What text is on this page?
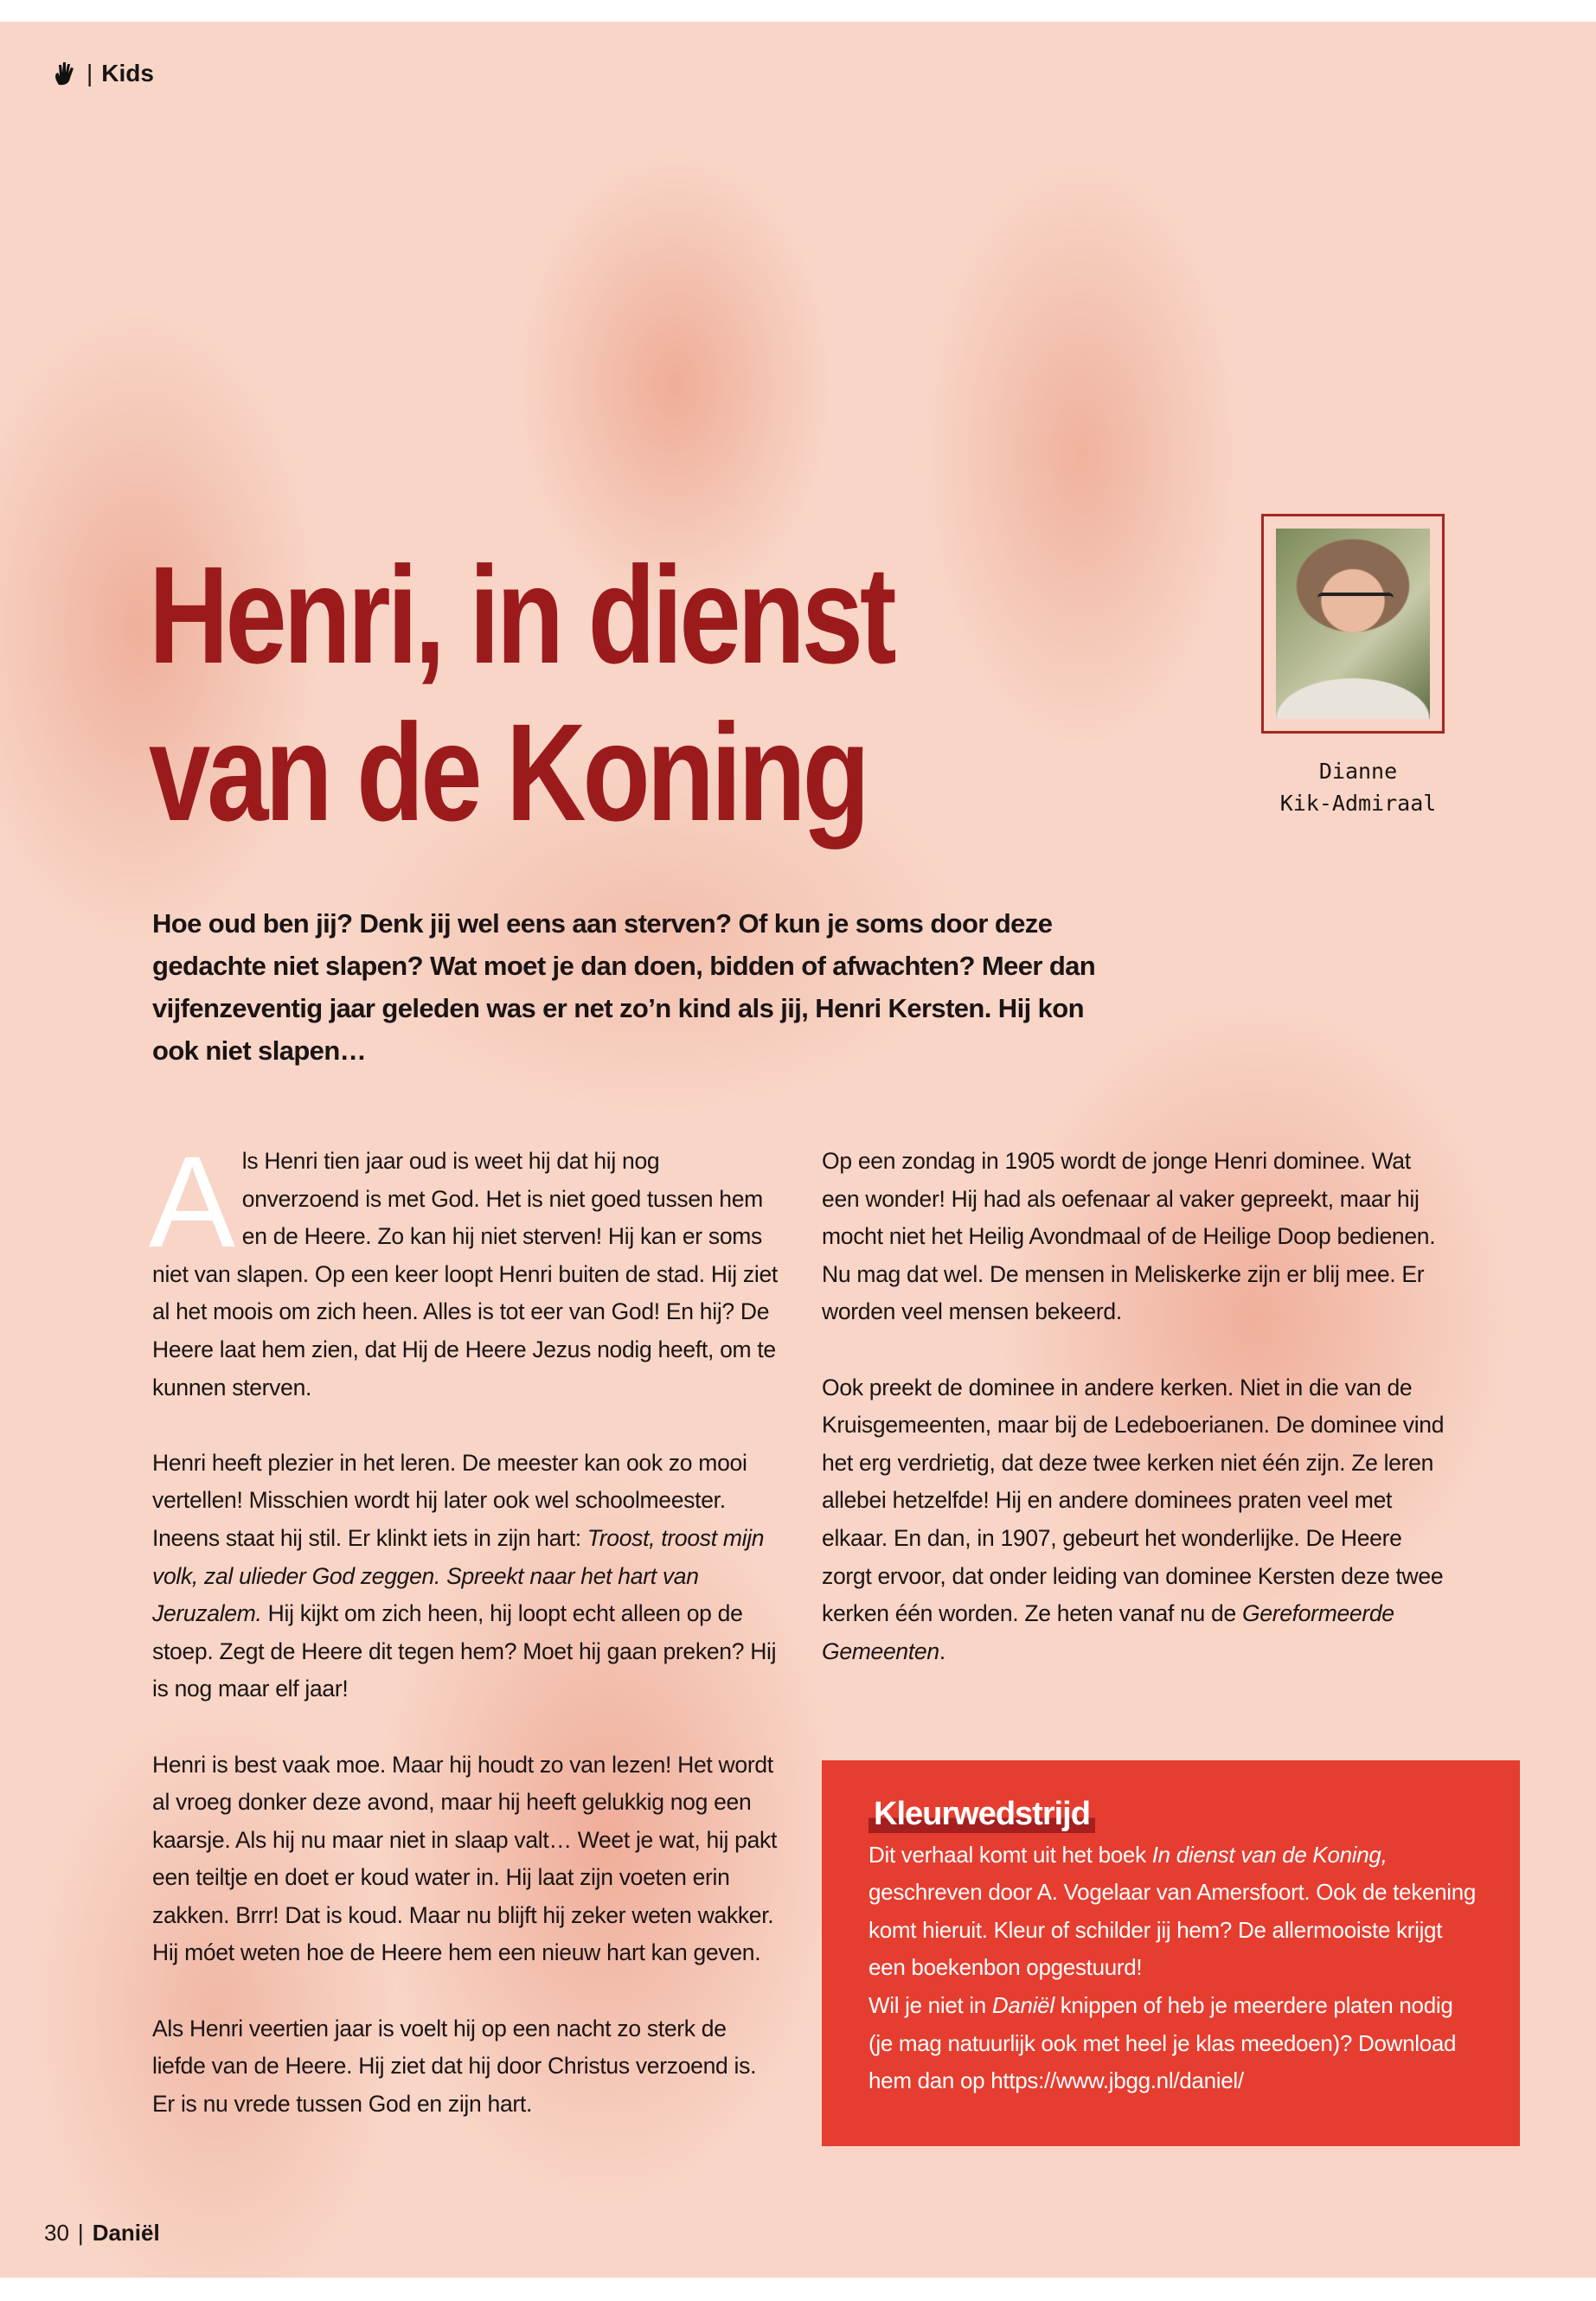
| Kids
Henri, in dienst
van de Koning	Dianne
Kik-Admiraal
Hoe oud ben jij? Denk jij wel eens aan sterven? Of kun je soms door deze gedachte niet slapen? Wat moet je dan doen, bidden of afwachten? Meer dan vijfenzeventig jaar geleden was er net zo’n kind als jij, Henri Kersten. Hij kon ook niet slapen…

Als Henri tien jaar oud is weet hij dat hij nog onverzoend is met God. Het is niet goed tussen hem en de Heere. Zo kan hij niet sterven! Hij kan er soms niet van slapen. Op een keer loopt Henri buiten de stad. Hij ziet al het moois om zich heen. Alles is tot eer van God! En hij? De Heere laat hem zien, dat Hij de Heere Jezus nodig heeft, om te kunnen sterven.

Henri heeft plezier in het leren. De meester kan ook zo mooi vertellen! Misschien wordt hij later ook wel schoolmeester. Ineens staat hij stil. Er klinkt iets in zijn hart: Troost, troost mijn volk, zal ulieder God zeggen. Spreekt naar het hart van Jeruzalem. Hij kijkt om zich heen, hij loopt echt alleen op de stoep. Zegt de Heere dit tegen hem? Moet hij gaan preken? Hij is nog maar elf jaar!

Henri is best vaak moe. Maar hij houdt zo van lezen! Het wordt al vroeg donker deze avond, maar hij heeft gelukkig nog een kaarsje. Als hij nu maar niet in slaap valt… Weet je wat, hij pakt een teiltje en doet er koud water in. Hij laat zijn voeten erin zakken. Brrr! Dat is koud. Maar nu blijft hij zeker weten wakker. Hij móet weten hoe de Heere hem een nieuw hart kan geven.

Als Henri veertien jaar is voelt hij op een nacht zo sterk de liefde van de Heere. Hij ziet dat hij door Christus verzoend is. Er is nu vrede tussen God en zijn hart.

Op een zondag in 1905 wordt de jonge Henri dominee. Wat een wonder! Hij had als oefenaar al vaker gepreekt, maar hij mocht niet het Heilig Avondmaal of de Heilige Doop bedienen. Nu mag dat wel. De mensen in Meliskerke zijn er blij mee. Er worden veel mensen bekeerd.

Ook preekt de dominee in andere kerken. Niet in die van de Kruisgemeenten, maar bij de Ledeboerianen. De dominee vind het erg verdrietig, dat deze twee kerken niet één zijn. Ze leren allebei hetzelfde! Hij en andere dominees praten veel met elkaar. En dan, in 1907, gebeurt het wonderlijke. De Heere zorgt ervoor, dat onder leiding van dominee Kersten deze twee kerken één worden. Ze heten vanaf nu de Gereformeerde Gemeenten.

Kleurwedstrijd

Dit verhaal komt uit het boek In dienst van de Koning, geschreven door A. Vogelaar van Amersfoort. Ook de tekening komt hieruit. Kleur of schilder jij hem? De allermooiste krijgt een boekenbon opgestuurd!
Wil je niet in Daniël knippen of heb je meerdere platen nodig (je mag natuurlijk ook met heel je klas meedoen)? Download hem dan op https://www.jbgg.nl/daniel/

30 | Daniël
